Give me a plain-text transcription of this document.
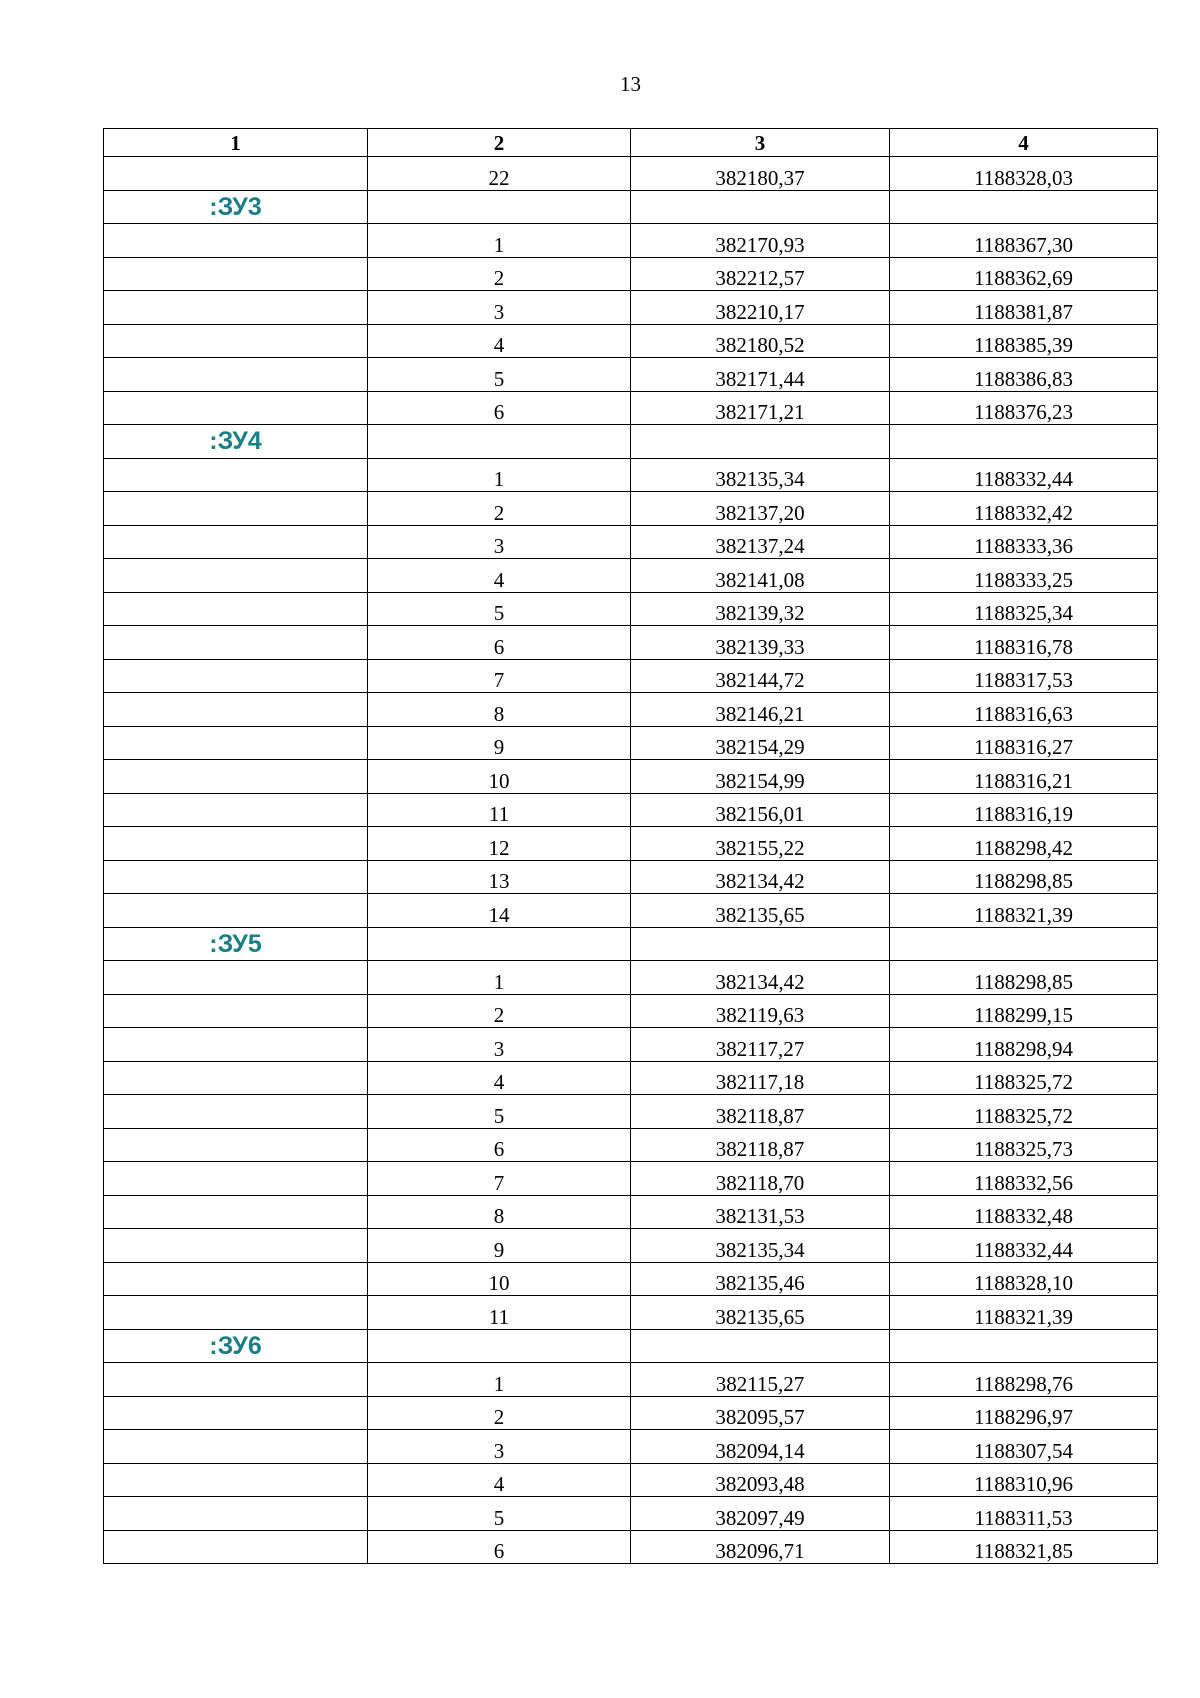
13
1	2	3	4
	22	382180,37	1188328,03
:ЗУ3			
	1	382170,93	1188367,30
	2	382212,57	1188362,69
	3	382210,17	1188381,87
	4	382180,52	1188385,39
	5	382171,44	1188386,83
	6	382171,21	1188376,23
:ЗУ4			
	1	382135,34	1188332,44
	2	382137,20	1188332,42
	3	382137,24	1188333,36
	4	382141,08	1188333,25
	5	382139,32	1188325,34
	6	382139,33	1188316,78
	7	382144,72	1188317,53
	8	382146,21	1188316,63
	9	382154,29	1188316,27
	10	382154,99	1188316,21
	11	382156,01	1188316,19
	12	382155,22	1188298,42
	13	382134,42	1188298,85
	14	382135,65	1188321,39
:ЗУ5			
	1	382134,42	1188298,85
	2	382119,63	1188299,15
	3	382117,27	1188298,94
	4	382117,18	1188325,72
	5	382118,87	1188325,72
	6	382118,87	1188325,73
	7	382118,70	1188332,56
	8	382131,53	1188332,48
	9	382135,34	1188332,44
	10	382135,46	1188328,10
	11	382135,65	1188321,39
:ЗУ6			
	1	382115,27	1188298,76
	2	382095,57	1188296,97
	3	382094,14	1188307,54
	4	382093,48	1188310,96
	5	382097,49	1188311,53
	6	382096,71	1188321,85
